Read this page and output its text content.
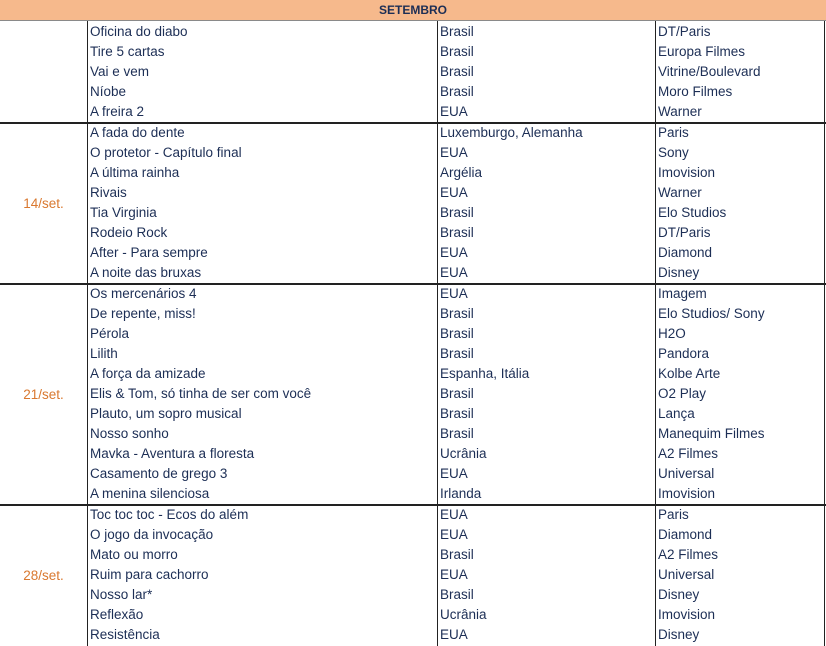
SETEMBRO
Oficina do diabo	Brasil	DT/Paris
Tire 5 cartas	Brasil	Europa Filmes
Vai e vem	Brasil	Vitrine/Boulevard
Níobe	Brasil	Moro Filmes
A freira 2	EUA	Warner
14/set.
A fada do dente	Luxemburgo, Alemanha	Paris
O protetor - Capítulo final	EUA	Sony
A última rainha	Argélia	Imovision
Rivais	EUA	Warner
Tia Virginia	Brasil	Elo Studios
Rodeio Rock	Brasil	DT/Paris
After - Para sempre	EUA	Diamond
A noite das bruxas	EUA	Disney
21/set.
Os mercenários 4	EUA	Imagem
De repente, miss!	Brasil	Elo Studios/ Sony
Pérola	Brasil	H2O
Lilith	Brasil	Pandora
A força da amizade	Espanha, Itália	Kolbe Arte
Elis & Tom, só tinha de ser com você	Brasil	O2 Play
Plauto, um sopro musical	Brasil	Lança
Nosso sonho	Brasil	Manequim Filmes
Mavka - Aventura a floresta	Ucrânia	A2 Filmes
Casamento de grego 3	EUA	Universal
A menina silenciosa	Irlanda	Imovision
28/set.
Toc toc toc - Ecos do além	EUA	Paris
O jogo da invocação	EUA	Diamond
Mato ou morro	Brasil	A2 Filmes
Ruim para cachorro	EUA	Universal
Nosso lar*	Brasil	Disney
Reflexão	Ucrânia	Imovision
Resistência	EUA	Disney
